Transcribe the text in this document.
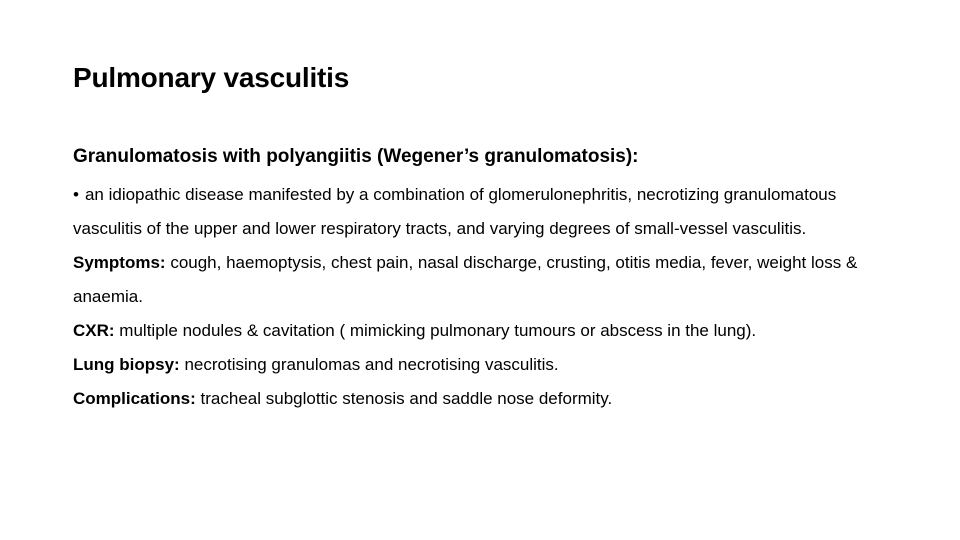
Pulmonary vasculitis
Granulomatosis with polyangiitis (Wegener’s granulomatosis):
• an idiopathic disease manifested by a combination of glomerulonephritis, necrotizing granulomatous vasculitis of the upper and lower respiratory tracts, and varying degrees of small-vessel vasculitis.
Symptoms: cough, haemoptysis, chest pain, nasal discharge, crusting, otitis media, fever, weight loss & anaemia.
CXR: multiple nodules & cavitation ( mimicking pulmonary tumours or abscess in the lung).
Lung biopsy: necrotising granulomas and necrotising vasculitis.
Complications: tracheal subglottic stenosis and saddle nose deformity.
